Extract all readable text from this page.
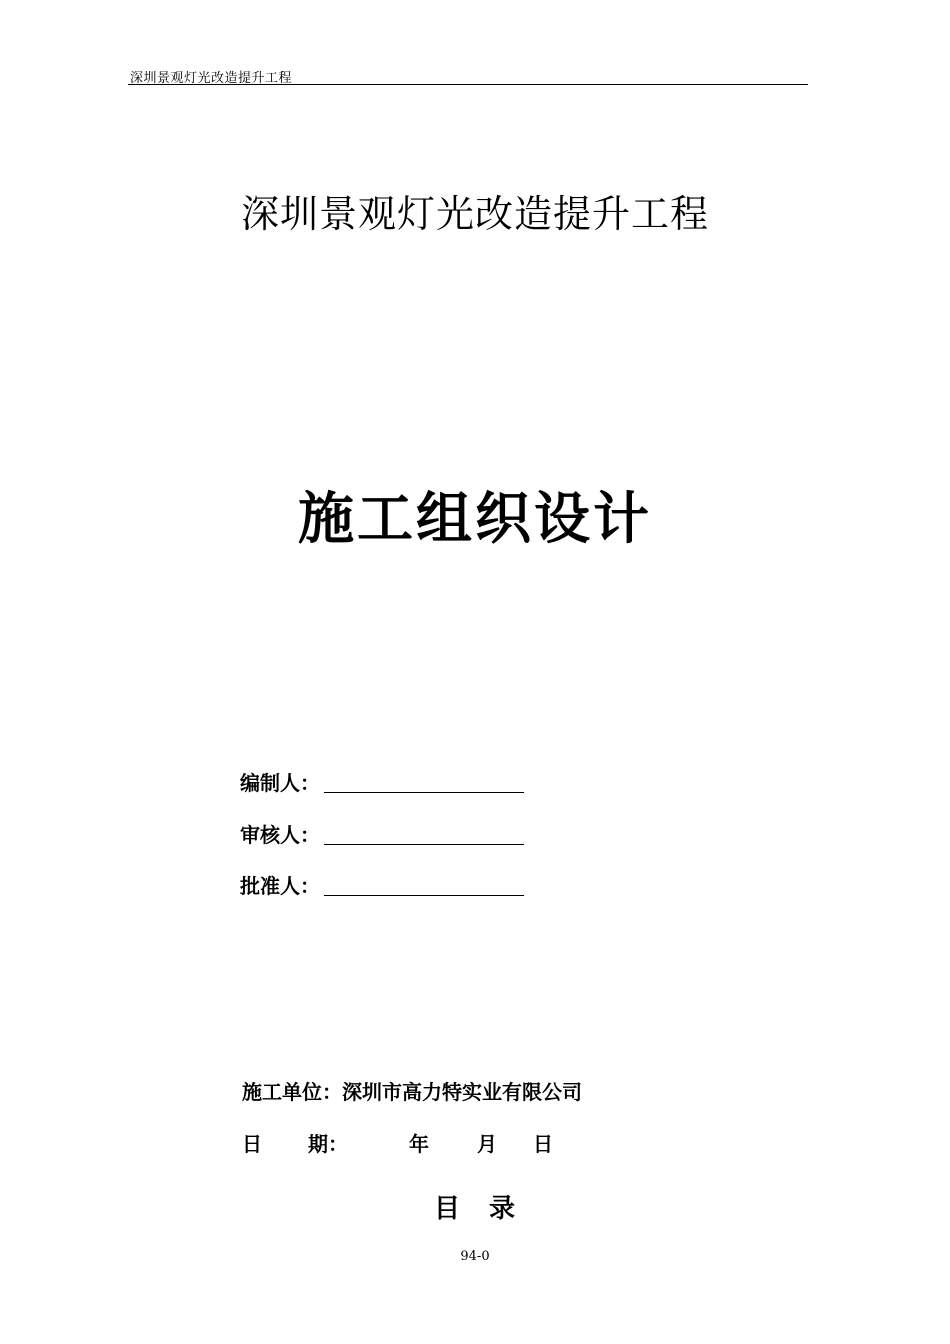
深圳景观灯光改造提升工程
深圳景观灯光改造提升工程
施工组织设计
编制人：
审核人：
批准人：
施工单位：深圳市高力特实业有限公司
日 期：	年 月 日
目 录
94-0
